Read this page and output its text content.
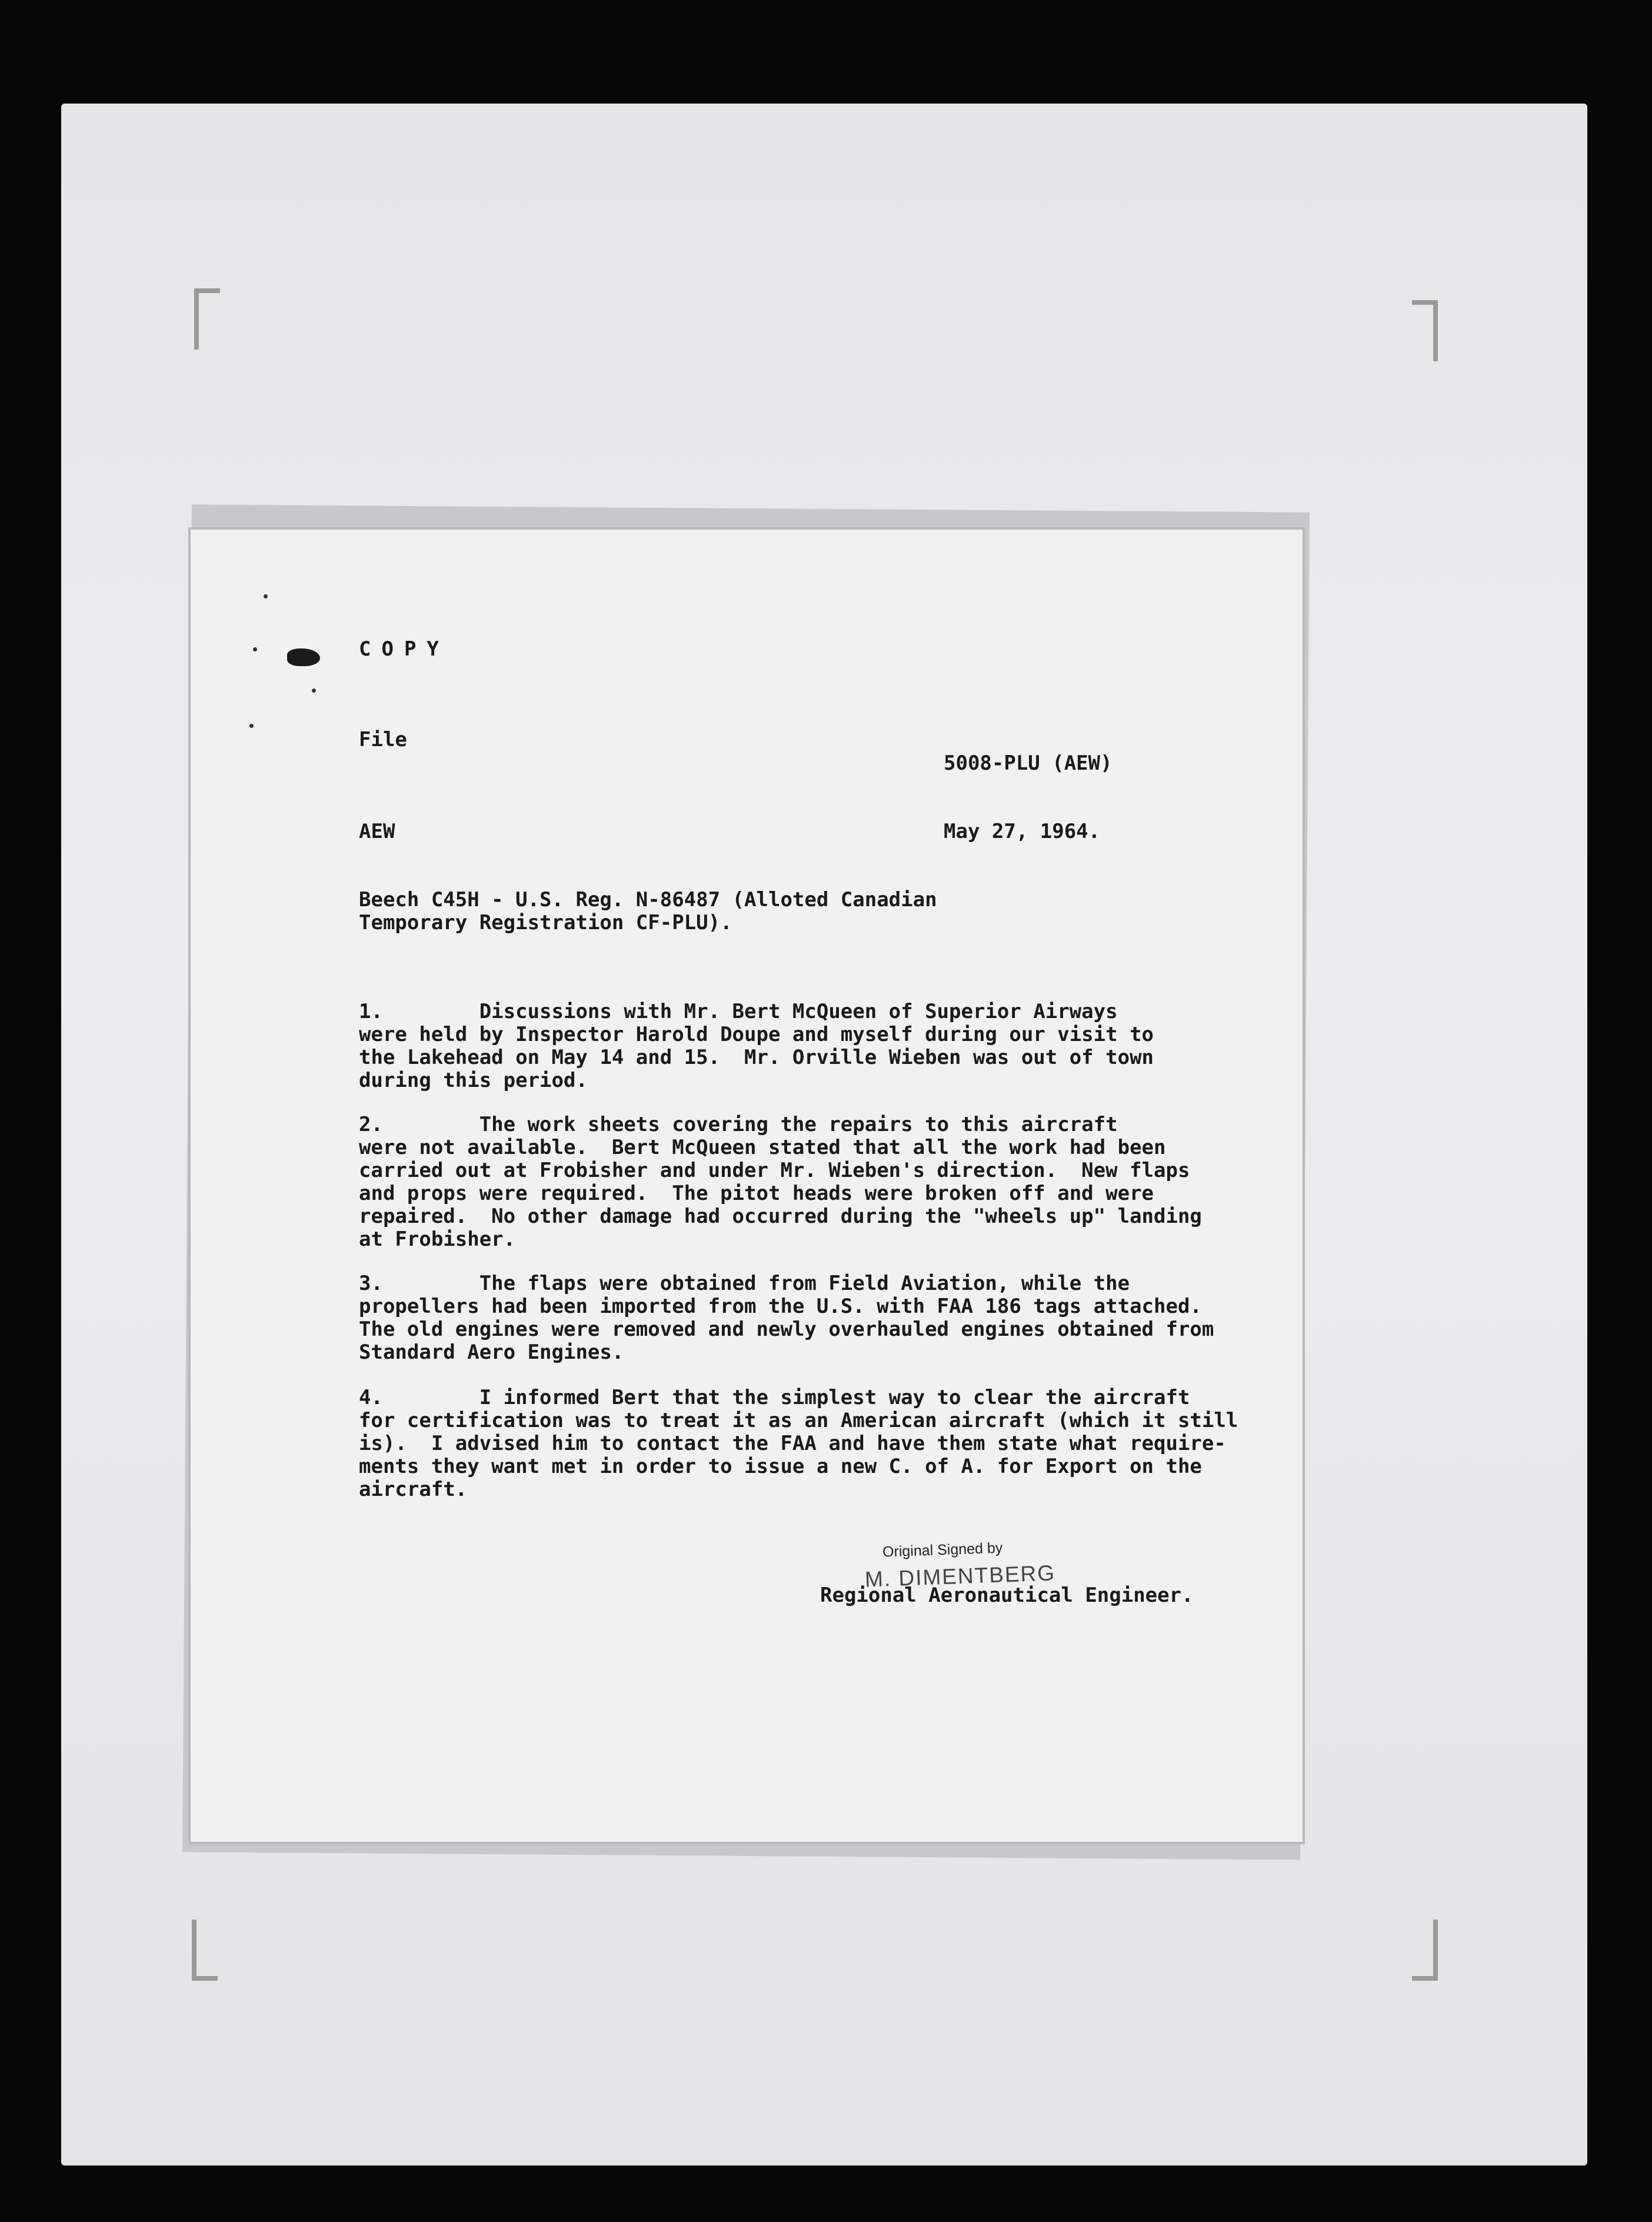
COPY

File

5008-PLU (AEW)

AEW	May 27, 1964.

Beech C45H - U.S. Reg. N-86487 (Alloted Canadian
Temporary Registration CF-PLU).

1.        Discussions with Mr. Bert McQueen of Superior Airways
were held by Inspector Harold Doupe and myself during our visit to
the Lakehead on May 14 and 15.  Mr. Orville Wieben was out of town
during this period.

2.        The work sheets covering the repairs to this aircraft
were not available.  Bert McQueen stated that all the work had been
carried out at Frobisher and under Mr. Wieben's direction.  New flaps
and props were required.  The pitot heads were broken off and were
repaired.  No other damage had occurred during the "wheels up" landing
at Frobisher.

3.        The flaps were obtained from Field Aviation, while the
propellers had been imported from the U.S. with FAA 186 tags attached.
The old engines were removed and newly overhauled engines obtained from
Standard Aero Engines.

4.        I informed Bert that the simplest way to clear the aircraft
for certification was to treat it as an American aircraft (which it still
is).  I advised him to contact the FAA and have them state what require-
ments they want met in order to issue a new C. of A. for Export on the
aircraft.

Original Signed by
M. DIMENTBERG

Regional Aeronautical Engineer.
